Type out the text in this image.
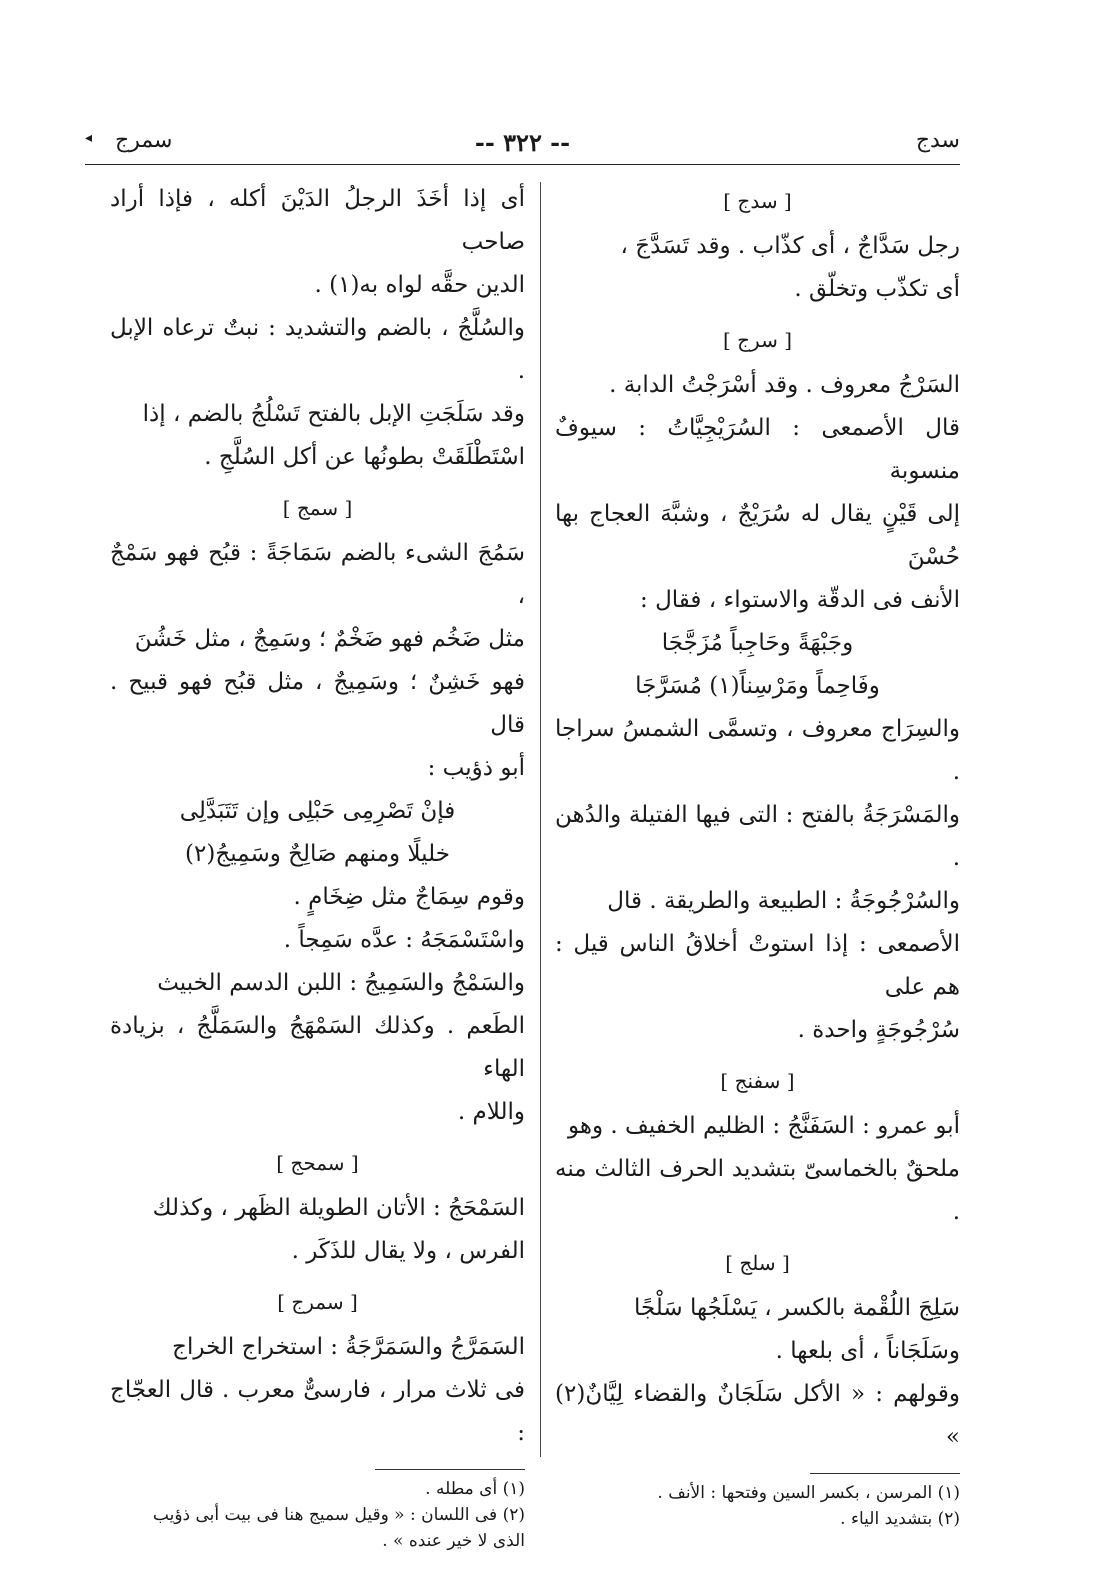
سدج
-- ٣٢٢ --
سمرج
◂
[ سدج ]

رجل سَدَّاجٌ ، أى كذّاب . وقد تَسَدَّجَ ،

أى تكذّب وتخلّق .

[ سرج ]

السَرْجُ معروف . وقد أسْرَجْتُ الدابة .

قال الأصمعى : السُرَيْجِيَّاتُ : سيوفٌ منسوبة

إلى قَيْنٍ يقال له سُرَيْجٌ ، وشبَّهَ العجاج بها حُسْنَ

الأنف فى الدقّة والاستواء ، فقال :

وجَبْهَةً وحَاجِباً مُزَجَّجَا

وفَاحِماً ومَرْسِناً(١) مُسَرَّجَا

والسِرَاج معروف ، وتسمَّى الشمسُ سراجا .

والمَسْرَجَةُ بالفتح : التى فيها الفتيلة والدُهن .

والسُرْجُوجَةُ : الطبيعة والطريقة . قال

الأصمعى : إذا استوتْ أخلاقُ الناس قيل : هم على

سُرْجُوجَةٍ واحدة .

[ سفنج ]

أبو عمرو : السَفَنَّجُ : الظليم الخفيف . وهو

ملحقٌ بالخماسىّ بتشديد الحرف الثالث منه .

[ سلج ]

سَلِجَ اللُقْمة بالكسر ، يَسْلَجُها سَلْجًا

وسَلَجَاناً ، أى بلعها .

وقولهم : « الأكل سَلَجَانٌ والقضاء لِيَّانٌ(٢) »

(١) المرسن ، بكسر السين وفتحها : الأنف .

(٢) بتشديد الياء .

أى إذا أخَذَ الرجلُ الدَيْنَ أكله ، فإذا أراد صاحب

الدين حقَّه لواه به(١) .

والسُلَّجُ ، بالضم والتشديد : نبتٌ ترعاه الإبل .

وقد سَلَجَتِ الإبل بالفتح تَسْلُجُ بالضم ، إذا

اسْتَطْلَقَتْ بطونُها عن أكل السُلَّجِ .

[ سمج ]

سَمُجَ الشىء بالضم سَمَاجَةً : قبُح فهو سَمْجٌ ،

مثل ضَخُم فهو ضَخْمٌ ؛ وسَمِجٌ ، مثل خَشُنَ

فهو خَشِنٌ ؛ وسَمِيجٌ ، مثل قبُح فهو قبيح . قال

أبو ذؤيب :

فإنْ تَصْرِمِى حَبْلِى وإن تَتَبَدَّلِى

خليلًا ومنهم صَالِحٌ وسَمِيجُ(٢)

وقوم سِمَاجٌ مثل ضِخَامٍ .

واسْتَسْمَجَهُ : عدَّه سَمِجاً .

والسَمْجُ والسَمِيجُ : اللبن الدسم الخبيث

الطَعم . وكذلك السَمْهَجُ والسَمَلَّجُ ، بزيادة الهاء

واللام .

[ سمحج ]

السَمْحَجُ : الأتان الطويلة الظَهر ، وكذلك

الفرس ، ولا يقال للذَكَر .

[ سمرج ]

السَمَرَّجُ والسَمَرَّجَةُ : استخراج الخراج

فى ثلاث مرار ، فارسىٌّ معرب . قال العجّاج :

(١) أى مطله .

(٢) فى اللسان : « وقيل سميج هنا فى بيت أبى ذؤيب

الذى لا خير عنده » .
